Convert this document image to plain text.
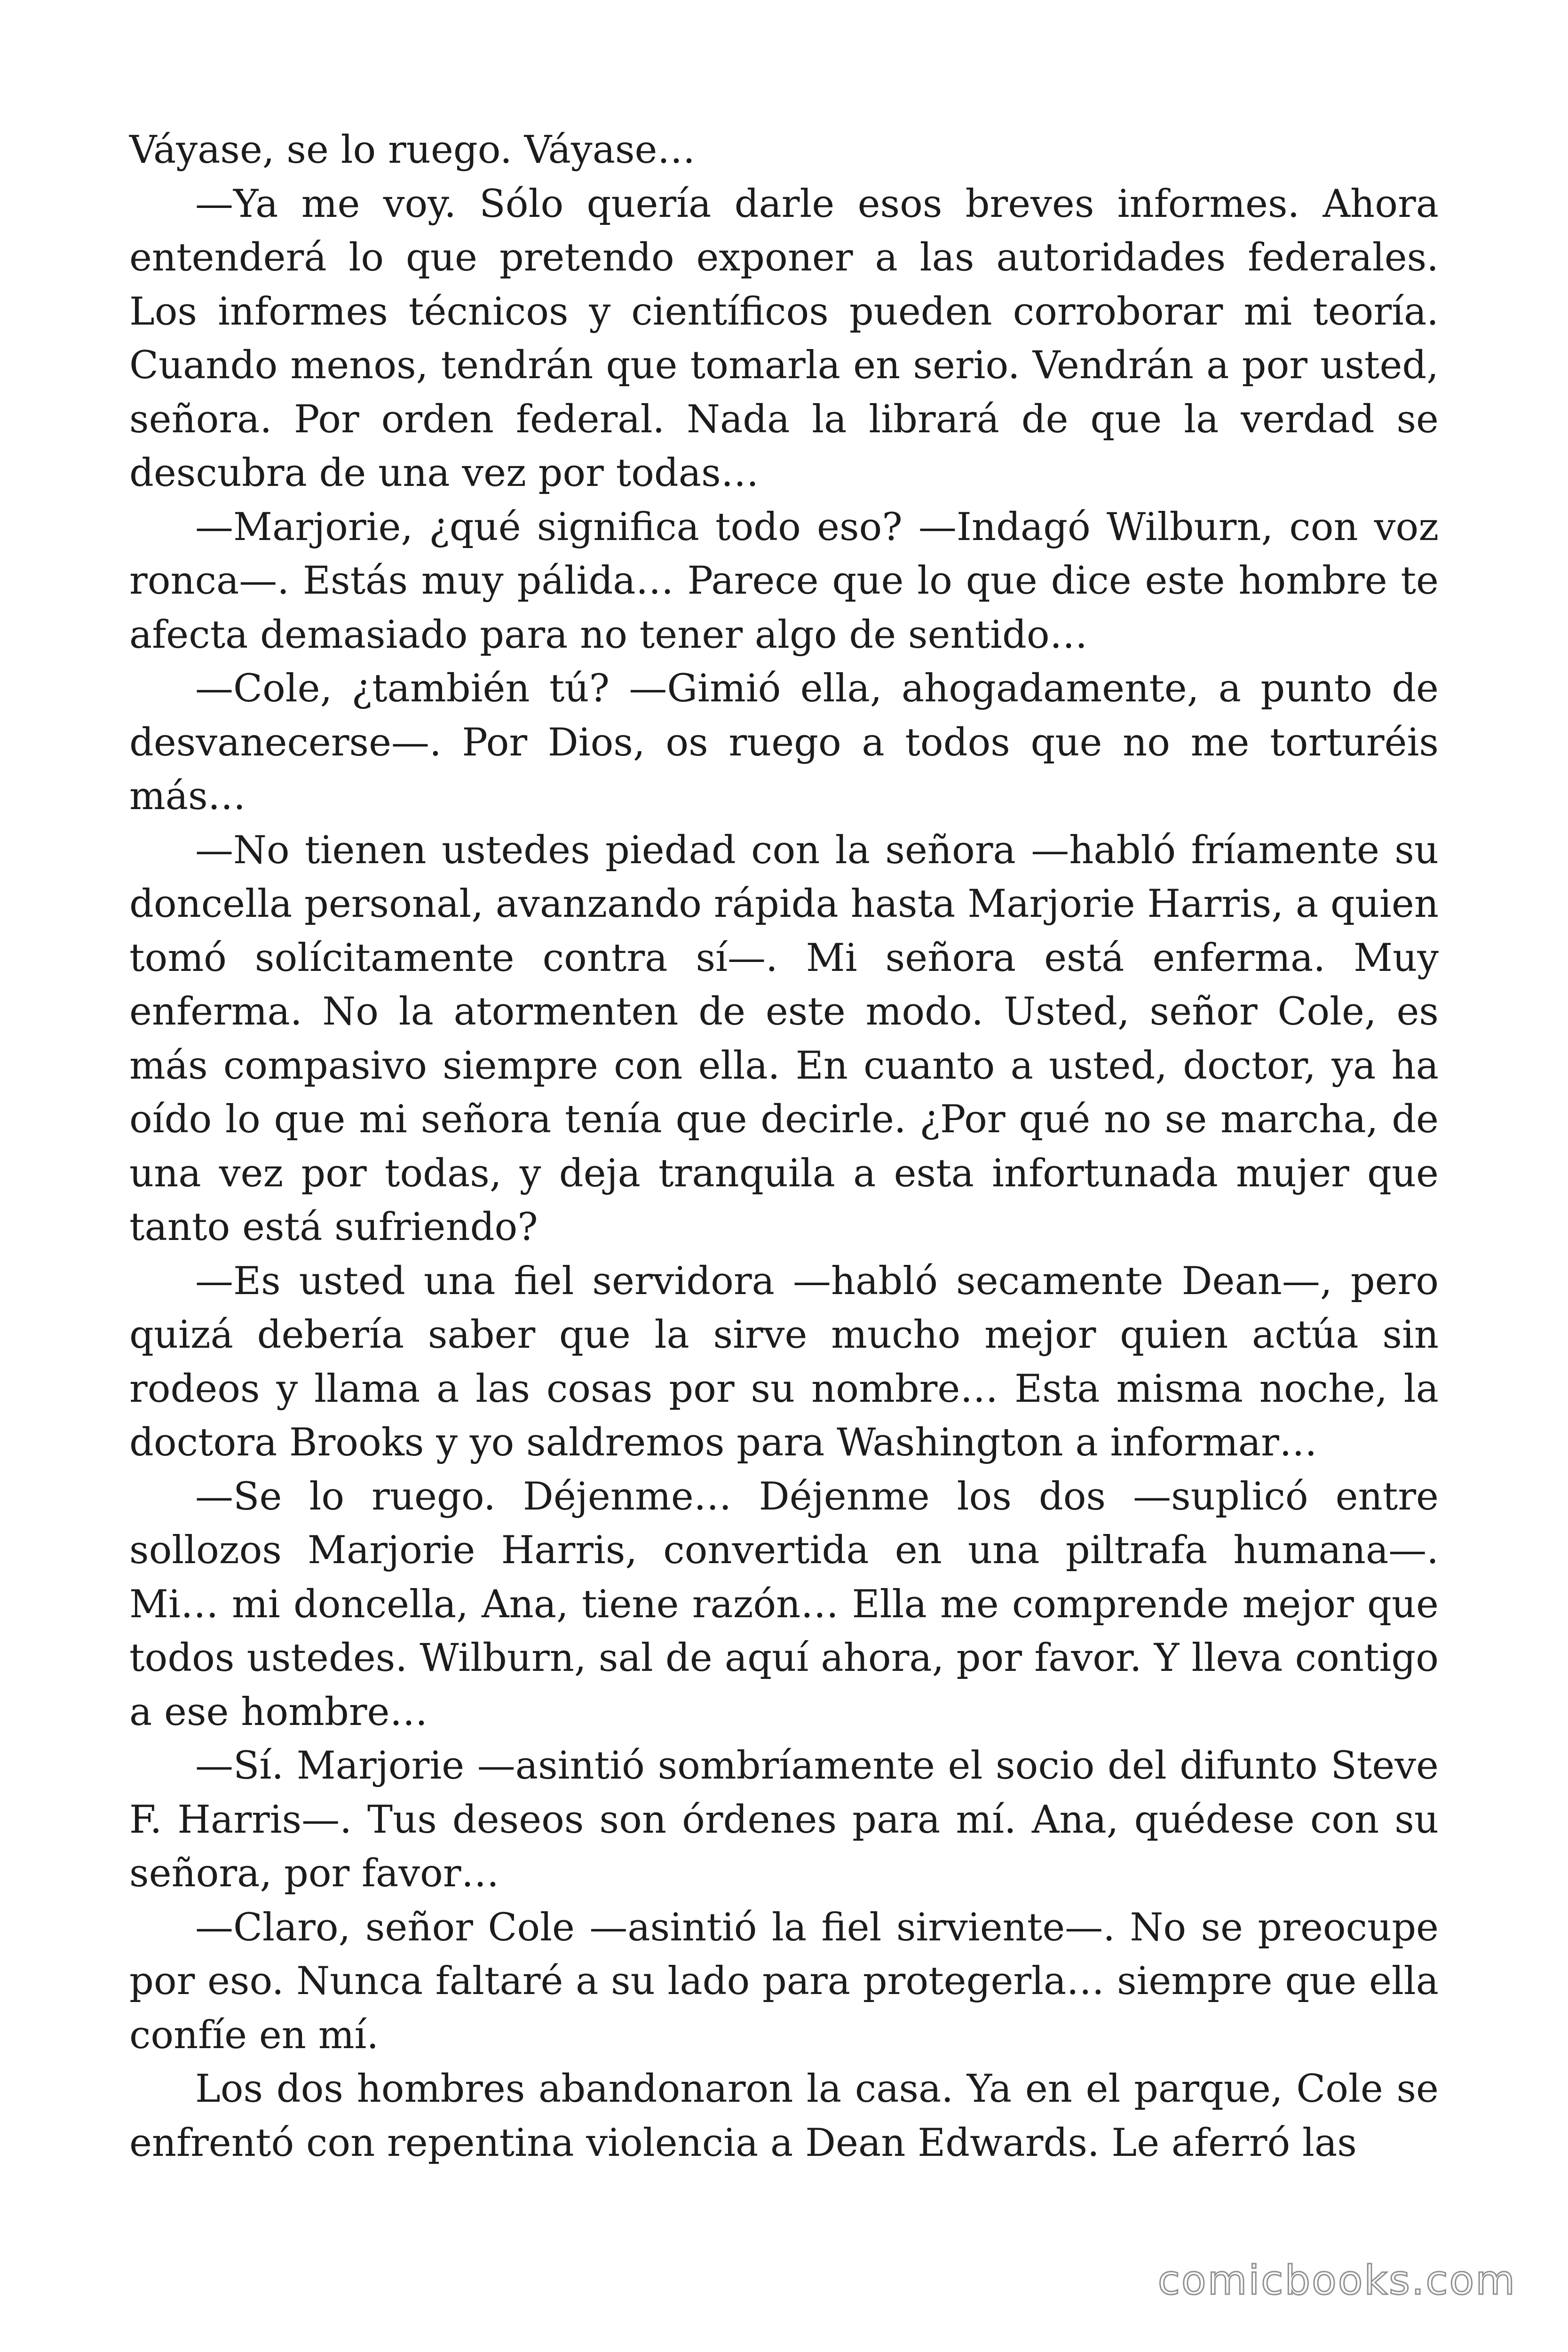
Váyase, se lo ruego. Váyase…

—Ya me voy. Sólo quería darle esos breves informes. Ahora entenderá lo que pretendo exponer a las autoridades federales. Los informes técnicos y científicos pueden corroborar mi teoría. Cuando menos, tendrán que tomarla en serio. Vendrán a por usted, señora. Por orden federal. Nada la librará de que la verdad se descubra de una vez por todas…

—Marjorie, ¿qué significa todo eso? —Indagó Wilburn, con voz ronca—. Estás muy pálida… Parece que lo que dice este hombre te afecta demasiado para no tener algo de sentido…

—Cole, ¿también tú? —Gimió ella, ahogadamente, a punto de desvanecerse—. Por Dios, os ruego a todos que no me torturéis más…

—No tienen ustedes piedad con la señora —habló fríamente su doncella personal, avanzando rápida hasta Marjorie Harris, a quien tomó solícitamente contra sí—. Mi señora está enferma. Muy enferma. No la atormenten de este modo. Usted, señor Cole, es más compasivo siempre con ella. En cuanto a usted, doctor, ya ha oído lo que mi señora tenía que decirle. ¿Por qué no se marcha, de una vez por todas, y deja tranquila a esta infortunada mujer que tanto está sufriendo?

—Es usted una fiel servidora —habló secamente Dean—, pero quizá debería saber que la sirve mucho mejor quien actúa sin rodeos y llama a las cosas por su nombre… Esta misma noche, la doctora Brooks y yo saldremos para Washington a informar…

—Se lo ruego. Déjenme… Déjenme los dos —suplicó entre sollozos Marjorie Harris, convertida en una piltrafa humana—. Mi… mi doncella, Ana, tiene razón… Ella me comprende mejor que todos ustedes. Wilburn, sal de aquí ahora, por favor. Y lleva contigo a ese hombre…

—Sí. Marjorie —asintió sombríamente el socio del difunto Steve F. Harris—. Tus deseos son órdenes para mí. Ana, quédese con su señora, por favor…

—Claro, señor Cole —asintió la fiel sirviente—. No se preocupe por eso. Nunca faltaré a su lado para protegerla… siempre que ella confíe en mí.

Los dos hombres abandonaron la casa. Ya en el parque, Cole se enfrentó con repentina violencia a Dean Edwards. Le aferró las

comicbooks.com
